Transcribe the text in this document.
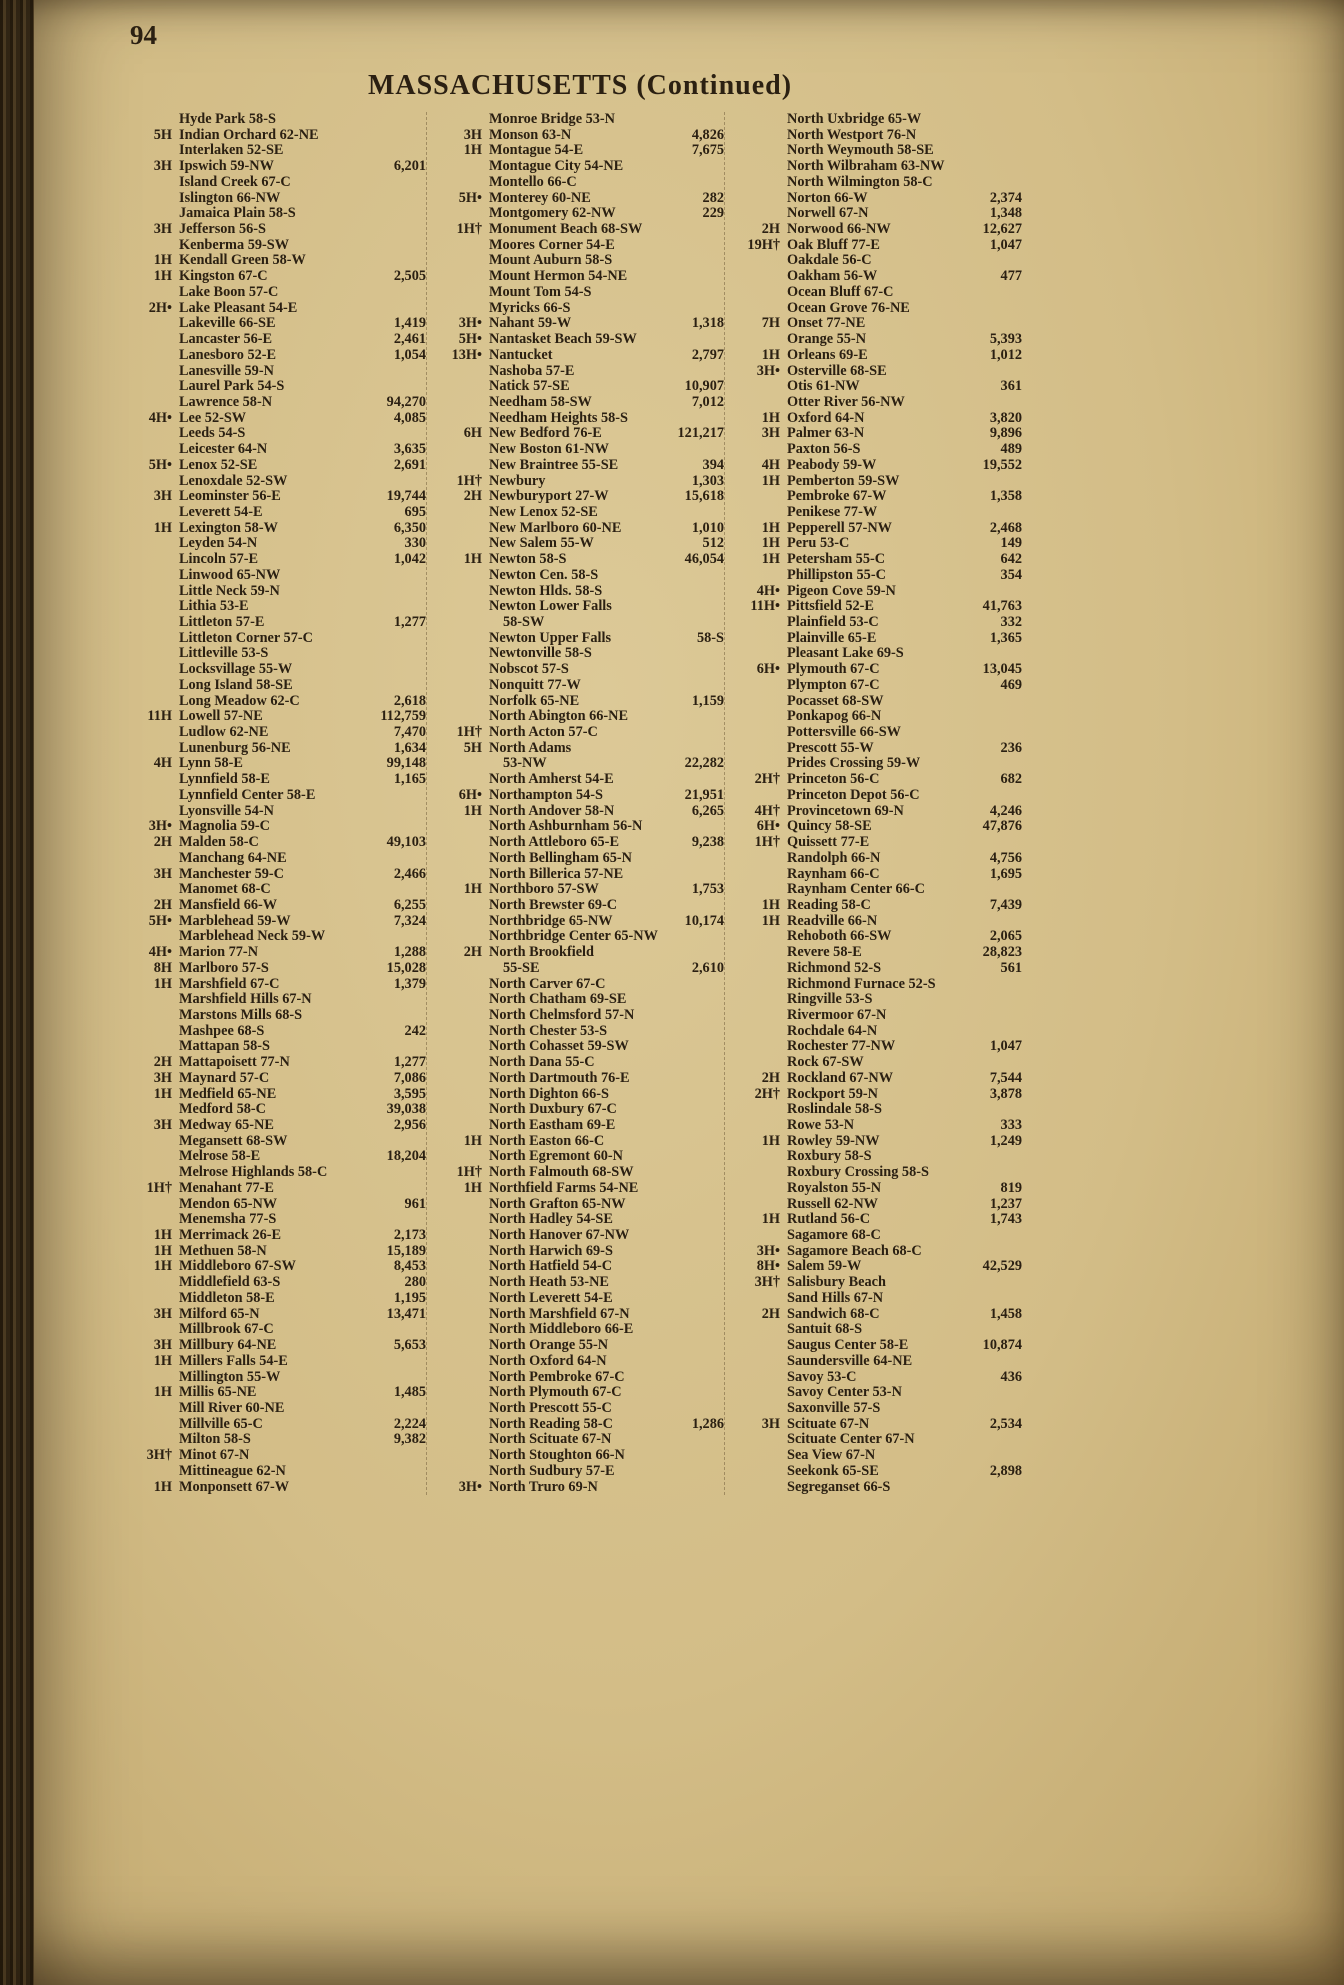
94
MASSACHUSETTS (Continued)
Hyde Park 58-S
5H Indian Orchard 62-NE
Interlaken 52-SE
3H Ipswich 59-NW	6,201
Island Creek 67-C
Islington 66-NW
Jamaica Plain 58-S
3H Jefferson 56-S
Kenberma 59-SW
1H Kendall Green 58-W
1H Kingston 67-C	2,505
Lake Boon 57-C
2H• Lake Pleasant 54-E
Lakeville 66-SE	1,419
Lancaster 56-E	2,461
Lanesboro 52-E	1,054
Lanesville 59-N
Laurel Park 54-S
Lawrence 58-N	94,270
4H• Lee 52-SW	4,085
Leeds 54-S
Leicester 64-N	3,635
5H• Lenox 52-SE	2,691
Lenoxdale 52-SW
3H Leominster 56-E	19,744
Leverett 54-E	695
1H Lexington 58-W	6,350
Leyden 54-N	330
Lincoln 57-E	1,042
Linwood 65-NW
Little Neck 59-N
Lithia 53-E
Littleton 57-E	1,277
Littleton Corner 57-C
Littleville 53-S
Locksvillage 55-W
Long Island 58-SE
Long Meadow 62-C	2,618
11H Lowell 57-NE	112,759
Ludlow 62-NE	7,470
Lunenburg 56-NE	1,634
4H Lynn 58-E	99,148
Lynnfield 58-E	1,165
Lynnfield Center 58-E
Lyonsville 54-N
3H• Magnolia 59-C
2H Malden 58-C	49,103
Manchang 64-NE
3H Manchester 59-C	2,466
Manomet 68-C
2H Mansfield 66-W	6,255
5H• Marblehead 59-W	7,324
Marblehead Neck 59-W
4H• Marion 77-N	1,288
8H Marlboro 57-S	15,028
1H Marshfield 67-C	1,379
Marshfield Hills 67-N
Marstons Mills 68-S
Mashpee 68-S	242
Mattapan 58-S
2H Mattapoisett 77-N	1,277
3H Maynard 57-C	7,086
1H Medfield 65-NE	3,595
Medford 58-C	39,038
3H Medway 65-NE	2,956
Megansett 68-SW
Melrose 58-E	18,204
Melrose Highlands 58-C
1H† Menahant 77-E
Mendon 65-NW	961
Menemsha 77-S
1H Merrimack 26-E	2,173
1H Methuen 58-N	15,189
1H Middleboro 67-SW	8,453
Middlefield 63-S	280
Middleton 58-E	1,195
3H Milford 65-N	13,471
Millbrook 67-C
3H Millbury 64-NE	5,653
1H Millers Falls 54-E
Millington 55-W
1H Millis 65-NE	1,485
Mill River 60-NE
Millville 65-C	2,224
Milton 58-S	9,382
3H† Minot 67-N
Mittineague 62-N
1H Monponsett 67-W
Monroe Bridge 53-N
3H Monson 63-N	4,826
1H Montague 54-E	7,675
Montague City 54-NE
Montello 66-C
5H• Monterey 60-NE	282
Montgomery 62-NW	229
1H† Monument Beach 68-SW
Moores Corner 54-E
Mount Auburn 58-S
Mount Hermon 54-NE
Mount Tom 54-S
Myricks 66-S
3H• Nahant 59-W	1,318
5H• Nantasket Beach 59-SW
13H• Nantucket	2,797
Nashoba 57-E
Natick 57-SE	10,907
Needham 58-SW	7,012
Needham Heights 58-S
6H New Bedford 76-E	121,217
New Boston 61-NW
New Braintree 55-SE	394
1H† Newbury	1,303
2H Newburyport 27-W	15,618
New Lenox 52-SE
New Marlboro 60-NE	1,010
New Salem 55-W	512
1H Newton 58-S	46,054
Newton Cen. 58-S
Newton Hlds. 58-S
Newton Lower Falls
58-SW
Newton Upper Falls	58-S
Newtonville 58-S
Nobscot 57-S
Nonquitt 77-W
Norfolk 65-NE	1,159
North Abington 66-NE
1H† North Acton 57-C
5H North Adams
53-NW	22,282
North Amherst 54-E
6H• Northampton 54-S	21,951
1H North Andover 58-N	6,265
North Ashburnham 56-N
North Attleboro 65-E	9,238
North Bellingham 65-N
North Billerica 57-NE
1H Northboro 57-SW	1,753
North Brewster 69-C
Northbridge 65-NW	10,174
Northbridge Center 65-NW
2H North Brookfield
55-SE	2,610
North Carver 67-C
North Chatham 69-SE
North Chelmsford 57-N
North Chester 53-S
North Cohasset 59-SW
North Dana 55-C
North Dartmouth 76-E
North Dighton 66-S
North Duxbury 67-C
North Eastham 69-E
1H North Easton 66-C
North Egremont 60-N
1H† North Falmouth 68-SW
1H Northfield Farms 54-NE
North Grafton 65-NW
North Hadley 54-SE
North Hanover 67-NW
North Harwich 69-S
North Hatfield 54-C
North Heath 53-NE
North Leverett 54-E
North Marshfield 67-N
North Middleboro 66-E
North Orange 55-N
North Oxford 64-N
North Pembroke 67-C
North Plymouth 67-C
North Prescott 55-C
North Reading 58-C	1,286
North Scituate 67-N
North Stoughton 66-N
North Sudbury 57-E
3H• North Truro 69-N
North Uxbridge 65-W
North Westport 76-N
North Weymouth 58-SE
North Wilbraham 63-NW
North Wilmington 58-C
Norton 66-W	2,374
Norwell 67-N	1,348
2H Norwood 66-NW	12,627
19H† Oak Bluff 77-E	1,047
Oakdale 56-C
Oakham 56-W	477
Ocean Bluff 67-C
Ocean Grove 76-NE
7H Onset 77-NE
Orange 55-N	5,393
1H Orleans 69-E	1,012
3H• Osterville 68-SE
Otis 61-NW	361
Otter River 56-NW
1H Oxford 64-N	3,820
3H Palmer 63-N	9,896
Paxton 56-S	489
4H Peabody 59-W	19,552
1H Pemberton 59-SW
Pembroke 67-W	1,358
Penikese 77-W
1H Pepperell 57-NW	2,468
1H Peru 53-C	149
1H Petersham 55-C	642
Phillipston 55-C	354
4H• Pigeon Cove 59-N
11H• Pittsfield 52-E	41,763
Plainfield 53-C	332
Plainville 65-E	1,365
Pleasant Lake 69-S
6H• Plymouth 67-C	13,045
Plympton 67-C	469
Pocasset 68-SW
Ponkapog 66-N
Pottersville 66-SW
Prescott 55-W	236
Prides Crossing 59-W
2H† Princeton 56-C	682
Princeton Depot 56-C
4H† Provincetown 69-N	4,246
6H• Quincy 58-SE	47,876
1H† Quissett 77-E
Randolph 66-N	4,756
Raynham 66-C	1,695
Raynham Center 66-C
1H Reading 58-C	7,439
1H Readville 66-N
Rehoboth 66-SW	2,065
Revere 58-E	28,823
Richmond 52-S	561
Richmond Furnace 52-S
Ringville 53-S
Rivermoor 67-N
Rochdale 64-N
Rochester 77-NW	1,047
Rock 67-SW
2H Rockland 67-NW	7,544
2H† Rockport 59-N	3,878
Roslindale 58-S
Rowe 53-N	333
1H Rowley 59-NW	1,249
Roxbury 58-S
Roxbury Crossing 58-S
Royalston 55-N	819
Russell 62-NW	1,237
1H Rutland 56-C	1,743
Sagamore 68-C
3H• Sagamore Beach 68-C
8H• Salem 59-W	42,529
3H† Salisbury Beach
Sand Hills 67-N
2H Sandwich 68-C	1,458
Santuit 68-S
Saugus Center 58-E	10,874
Saundersville 64-NE
Savoy 53-C	436
Savoy Center 53-N
Saxonville 57-S
3H Scituate 67-N	2,534
Scituate Center 67-N
Sea View 67-N
Seekonk 65-SE	2,898
Segreganset 66-S
